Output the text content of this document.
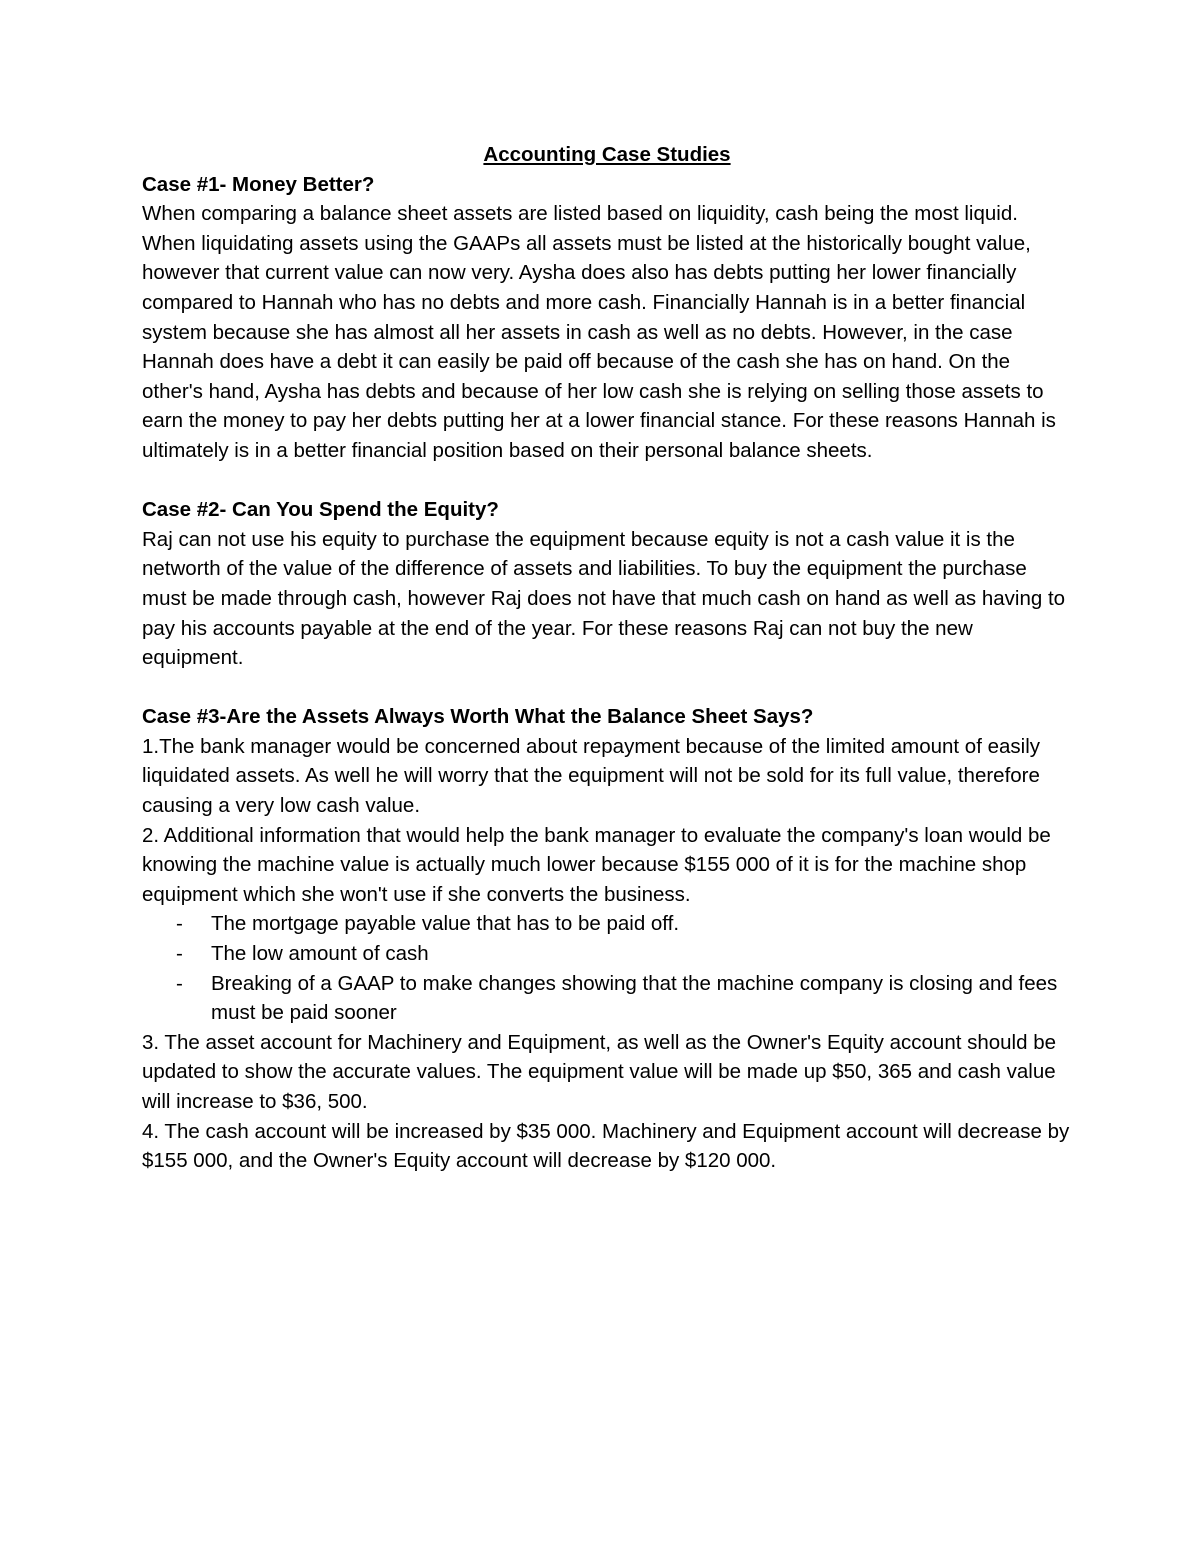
Accounting Case Studies

Case #1- Money Better?

When comparing a balance sheet assets are listed based on liquidity, cash being the most liquid. When liquidating assets using the GAAPs all assets must be listed at the historically bought value, however that current value can now very. Aysha does also has debts putting her lower financially compared to Hannah who has no debts and more cash. Financially Hannah is in a better financial system because she has almost all her assets in cash as well as no debts. However, in the case Hannah does have a debt it can easily be paid off because of the cash she has on hand. On the other's hand, Aysha has debts and because of her low cash she is relying on selling those assets to earn the money to pay her debts putting her at a lower financial stance. For these reasons Hannah is ultimately is in a better financial position based on their personal balance sheets.

Case #2- Can You Spend the Equity?

Raj can not use his equity to purchase the equipment because equity is not a cash value it is the networth of the value of the difference of assets and liabilities. To buy the equipment the purchase must be made through cash, however Raj does not have that much cash on hand as well as having to pay his accounts payable at the end of the year. For these reasons Raj can not buy the new equipment.

Case #3-Are the Assets Always Worth What the Balance Sheet Says?

1.The bank manager would be concerned about repayment because of the limited amount of easily liquidated assets. As well he will worry that the equipment will not be sold for its full value, therefore causing a very low cash value.

2. Additional information that would help the bank manager to evaluate the company's loan would be knowing the machine value is actually much lower because $155 000 of it is for the machine shop equipment which she won't use if she converts the business.

- The mortgage payable value that has to be paid off.
- The low amount of cash
- Breaking of a GAAP to make changes showing that the machine company is closing and fees must be paid sooner

3. The asset account for Machinery and Equipment, as well as the Owner's Equity account should be updated to show the accurate values. The equipment value will be made up $50, 365 and cash value will increase to $36, 500.

4. The cash account will be increased by $35 000. Machinery and Equipment account will decrease by $155 000, and the Owner's Equity account will decrease by $120 000.
